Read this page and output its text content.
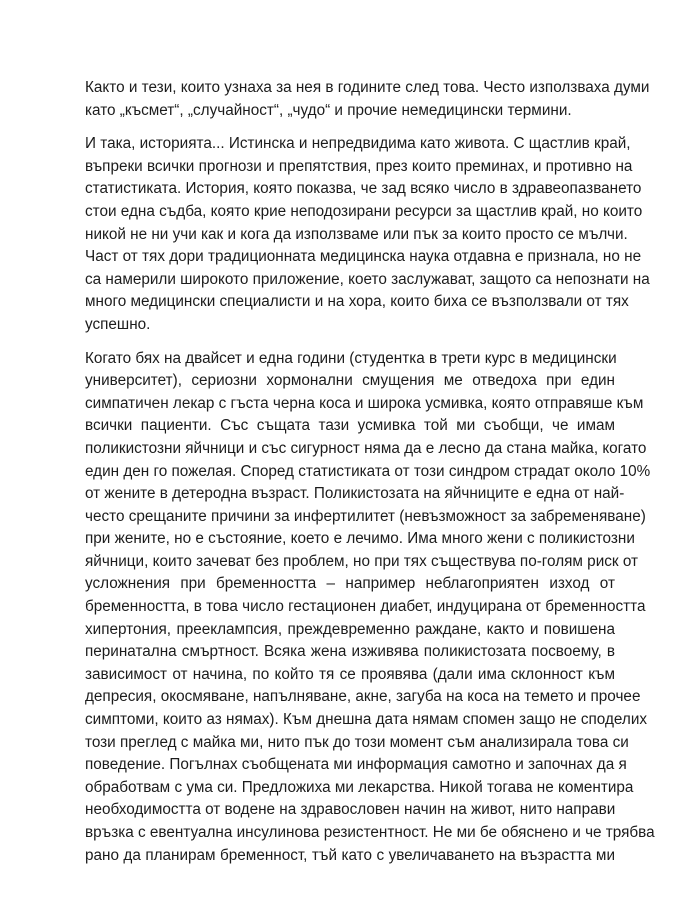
Както и тези, които узнаха за нея в годините след това. Често използваха думи
като „късмет“, „случайност“, „чудо“ и прочие немедицински термини.

И така, историята... Истинска и непредвидима като живота. С щастлив край,
въпреки всички прогнози и препятствия, през които преминах, и противно на
статистиката. История, която показва, че зад всяко число в здравеопазването
стои една съдба, която крие неподозирани ресурси за щастлив край, но които
никой не ни учи как и кога да използваме или пък за които просто се мълчи.
Част от тях дори традиционната медицинска наука отдавна е признала, но не
са намерили широкото приложение, което заслужават, защото са непознати на
много медицински специалисти и на хора, които биха се възползвали от тях
успешно.

Когато бях на двайсет и една години (студентка в трети курс в медицински
университет), сериозни хормонални смущения ме отведоха при един
симпатичен лекар с гъста черна коса и широка усмивка, която отправяше към
всички пациенти. Със същата тази усмивка той ми съобщи, че имам
поликистозни яйчници и със сигурност няма да е лесно да стана майка, когато
един ден го пожелая. Според статистиката от този синдром страдат около 10%
от жените в детеродна възраст. Поликистозата на яйчниците е една от най-
често срещаните причини за инфертилитет (невъзможност за забременяване)
при жените, но е състояние, което е лечимо. Има много жени с поликистозни
яйчници, които зачеват без проблем, но при тях съществува по-голям риск от
усложнения при бременността – например неблагоприятен изход от
бременността, в това число гестационен диабет, индуцирана от бременността
хипертония, прееклампсия, преждевременно раждане, както и повишена
перинатална смъртност. Всяка жена изживява поликистозата посвоему, в
зависимост от начина, по който тя се проявява (дали има склонност към
депресия, окосмяване, напълняване, акне, загуба на коса на темето и прочее
симптоми, които аз нямах). Към днешна дата нямам спомен защо не споделих
този преглед с майка ми, нито пък до този момент съм анализирала това си
поведение. Погълнах съобщената ми информация самотно и започнах да я
обработвам с ума си. Предложиха ми лекарства. Никой тогава не коментира
необходимостта от водене на здравословен начин на живот, нито направи
връзка с евентуална инсулинова резистентност. Не ми бе обяснено и че трябва
рано да планирам бременност, тъй като с увеличаването на възрастта ми
